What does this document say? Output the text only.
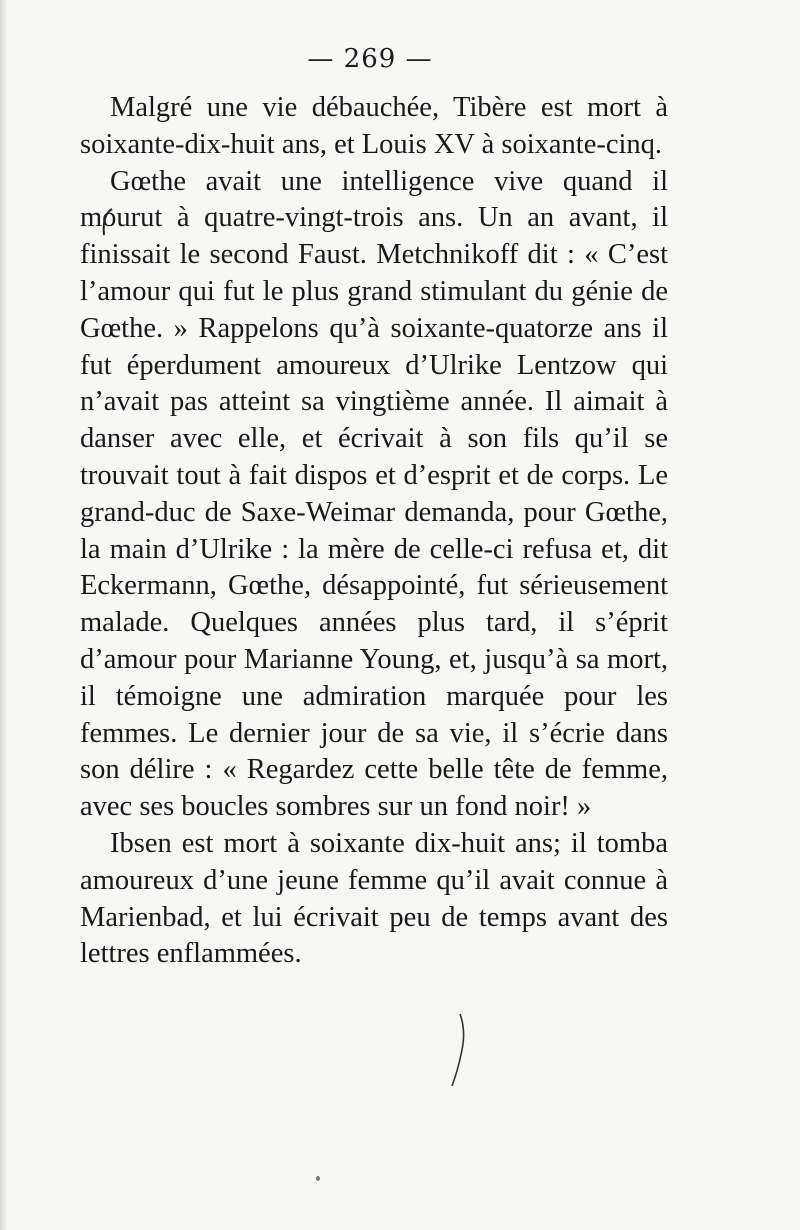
— 269 —

Malgré une vie débauchée, Tibère est mort à soixante-dix-huit ans, et Louis XV à soixante-cinq.

Gœthe avait une intelligence vive quand il mourut à quatre-vingt-trois ans. Un an avant, il finissait le second Faust. Metchnikoff dit : « C’est l’amour qui fut le plus grand stimulant du génie de Gœthe. » Rappelons qu’à soixante-quatorze ans il fut éperdument amoureux d’Ulrike Lentzow qui n’avait pas atteint sa vingtième année. Il aimait à danser avec elle, et écrivait à son fils qu’il se trouvait tout à fait dispos et d’esprit et de corps. Le grand-duc de Saxe-Weimar demanda, pour Gœthe, la main d’Ulrike : la mère de celle-ci refusa et, dit Eckermann, Gœthe, désappointé, fut sérieusement malade. Quelques années plus tard, il s’éprit d’amour pour Marianne Young, et, jusqu’à sa mort, il témoigne une admiration marquée pour les femmes. Le dernier jour de sa vie, il s’écrie dans son délire : « Regardez cette belle tête de femme, avec ses boucles sombres sur un fond noir! »

Ibsen est mort à soixante dix-huit ans; il tomba amoureux d’une jeune femme qu’il avait connue à Marienbad, et lui écrivait peu de temps avant des lettres enflammées.
